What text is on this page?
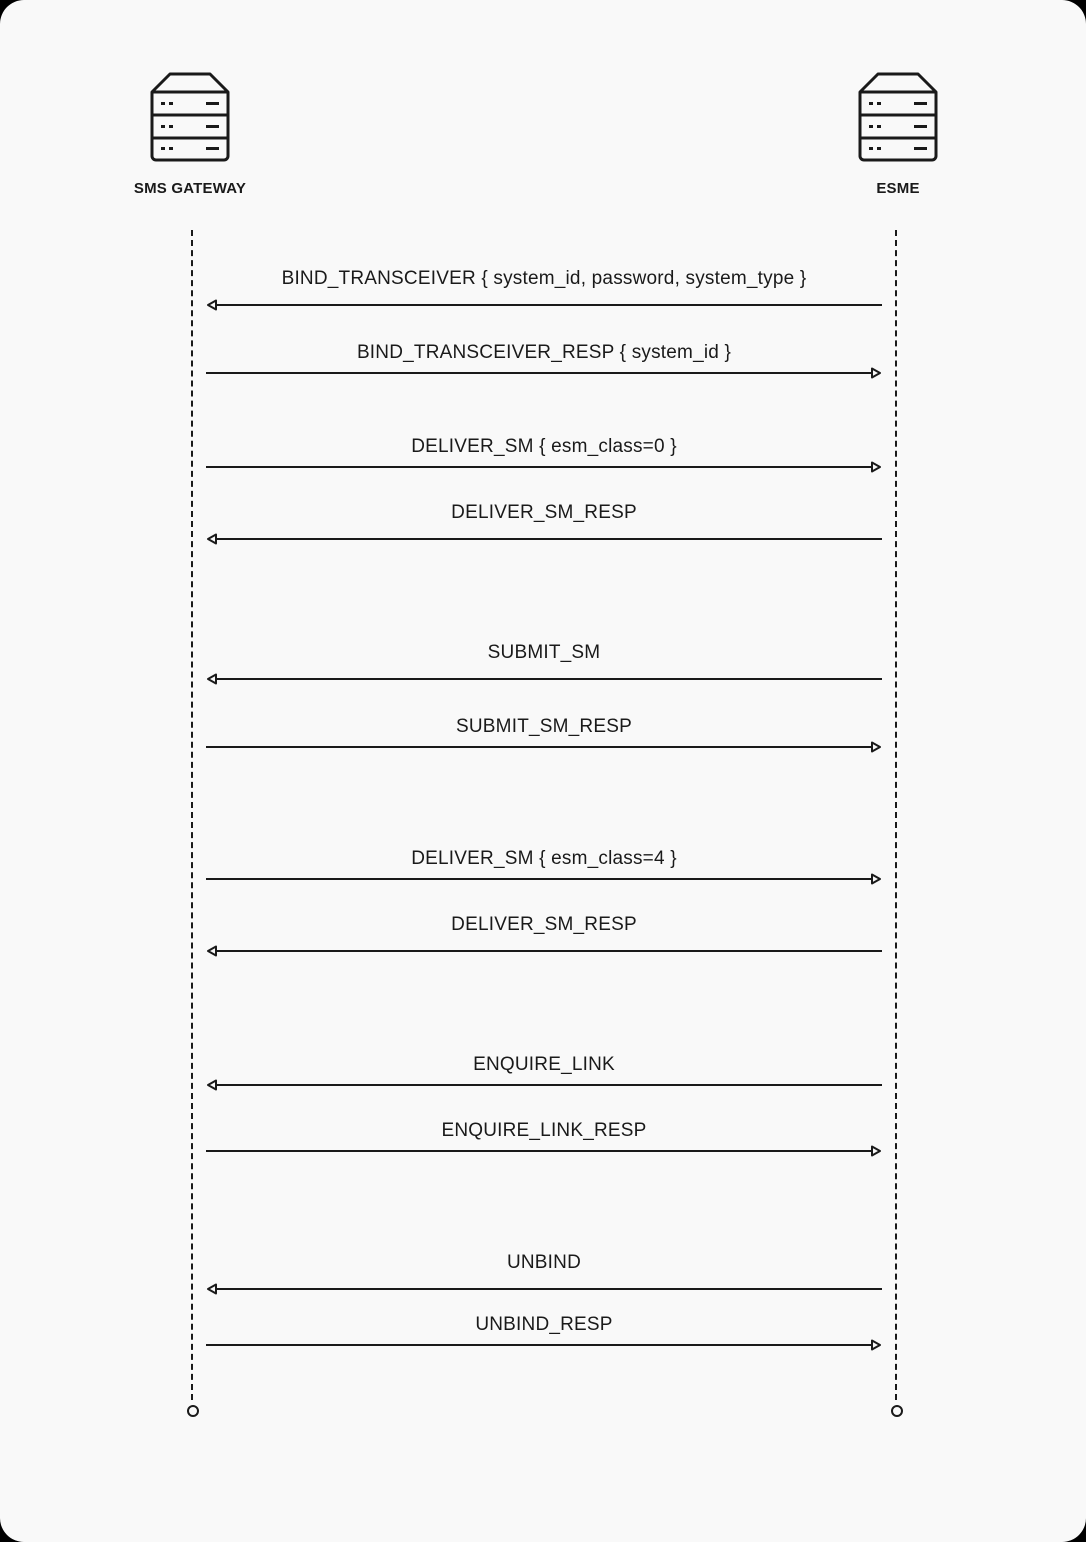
SMS GATEWAY	ESME
BIND_TRANSCEIVER { system_id, password, system_type }
BIND_TRANSCEIVER_RESP { system_id }
DELIVER_SM { esm_class=0 }
DELIVER_SM_RESP
SUBMIT_SM
SUBMIT_SM_RESP
DELIVER_SM { esm_class=4 }
DELIVER_SM_RESP
ENQUIRE_LINK
ENQUIRE_LINK_RESP
UNBIND
UNBIND_RESP
